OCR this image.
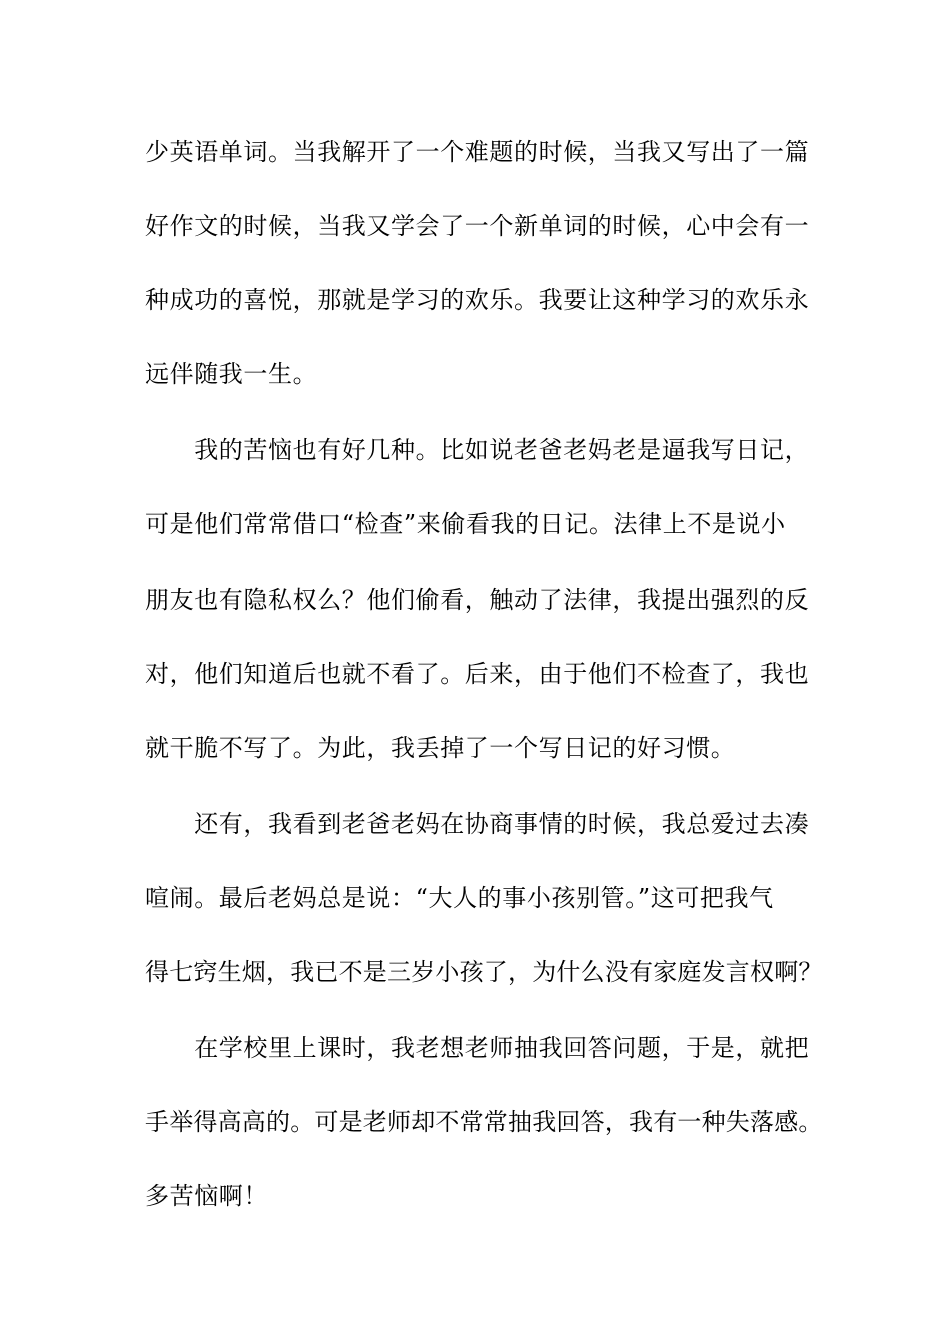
少英语单词。当我解开了一个难题的时候，当我又写出了一篇
好作文的时候，当我又学会了一个新单词的时候，心中会有一
种成功的喜悦，那就是学习的欢乐。我要让这种学习的欢乐永
远伴随我一生。
　　我的苦恼也有好几种。比如说老爸老妈老是逼我写日记，
可是他们常常借口“检查”来偷看我的日记。法律上不是说小
朋友也有隐私权么？他们偷看，触动了法律，我提出强烈的反
对，他们知道后也就不看了。后来，由于他们不检查了，我也
就干脆不写了。为此，我丢掉了一个写日记的好习惯。
　　还有，我看到老爸老妈在协商事情的时候，我总爱过去凑
喧闹。最后老妈总是说：“大人的事小孩别管。”这可把我气
得七窍生烟，我已不是三岁小孩了，为什么没有家庭发言权啊？
　　在学校里上课时，我老想老师抽我回答问题，于是，就把
手举得高高的。可是老师却不常常抽我回答，我有一种失落感。
多苦恼啊！
